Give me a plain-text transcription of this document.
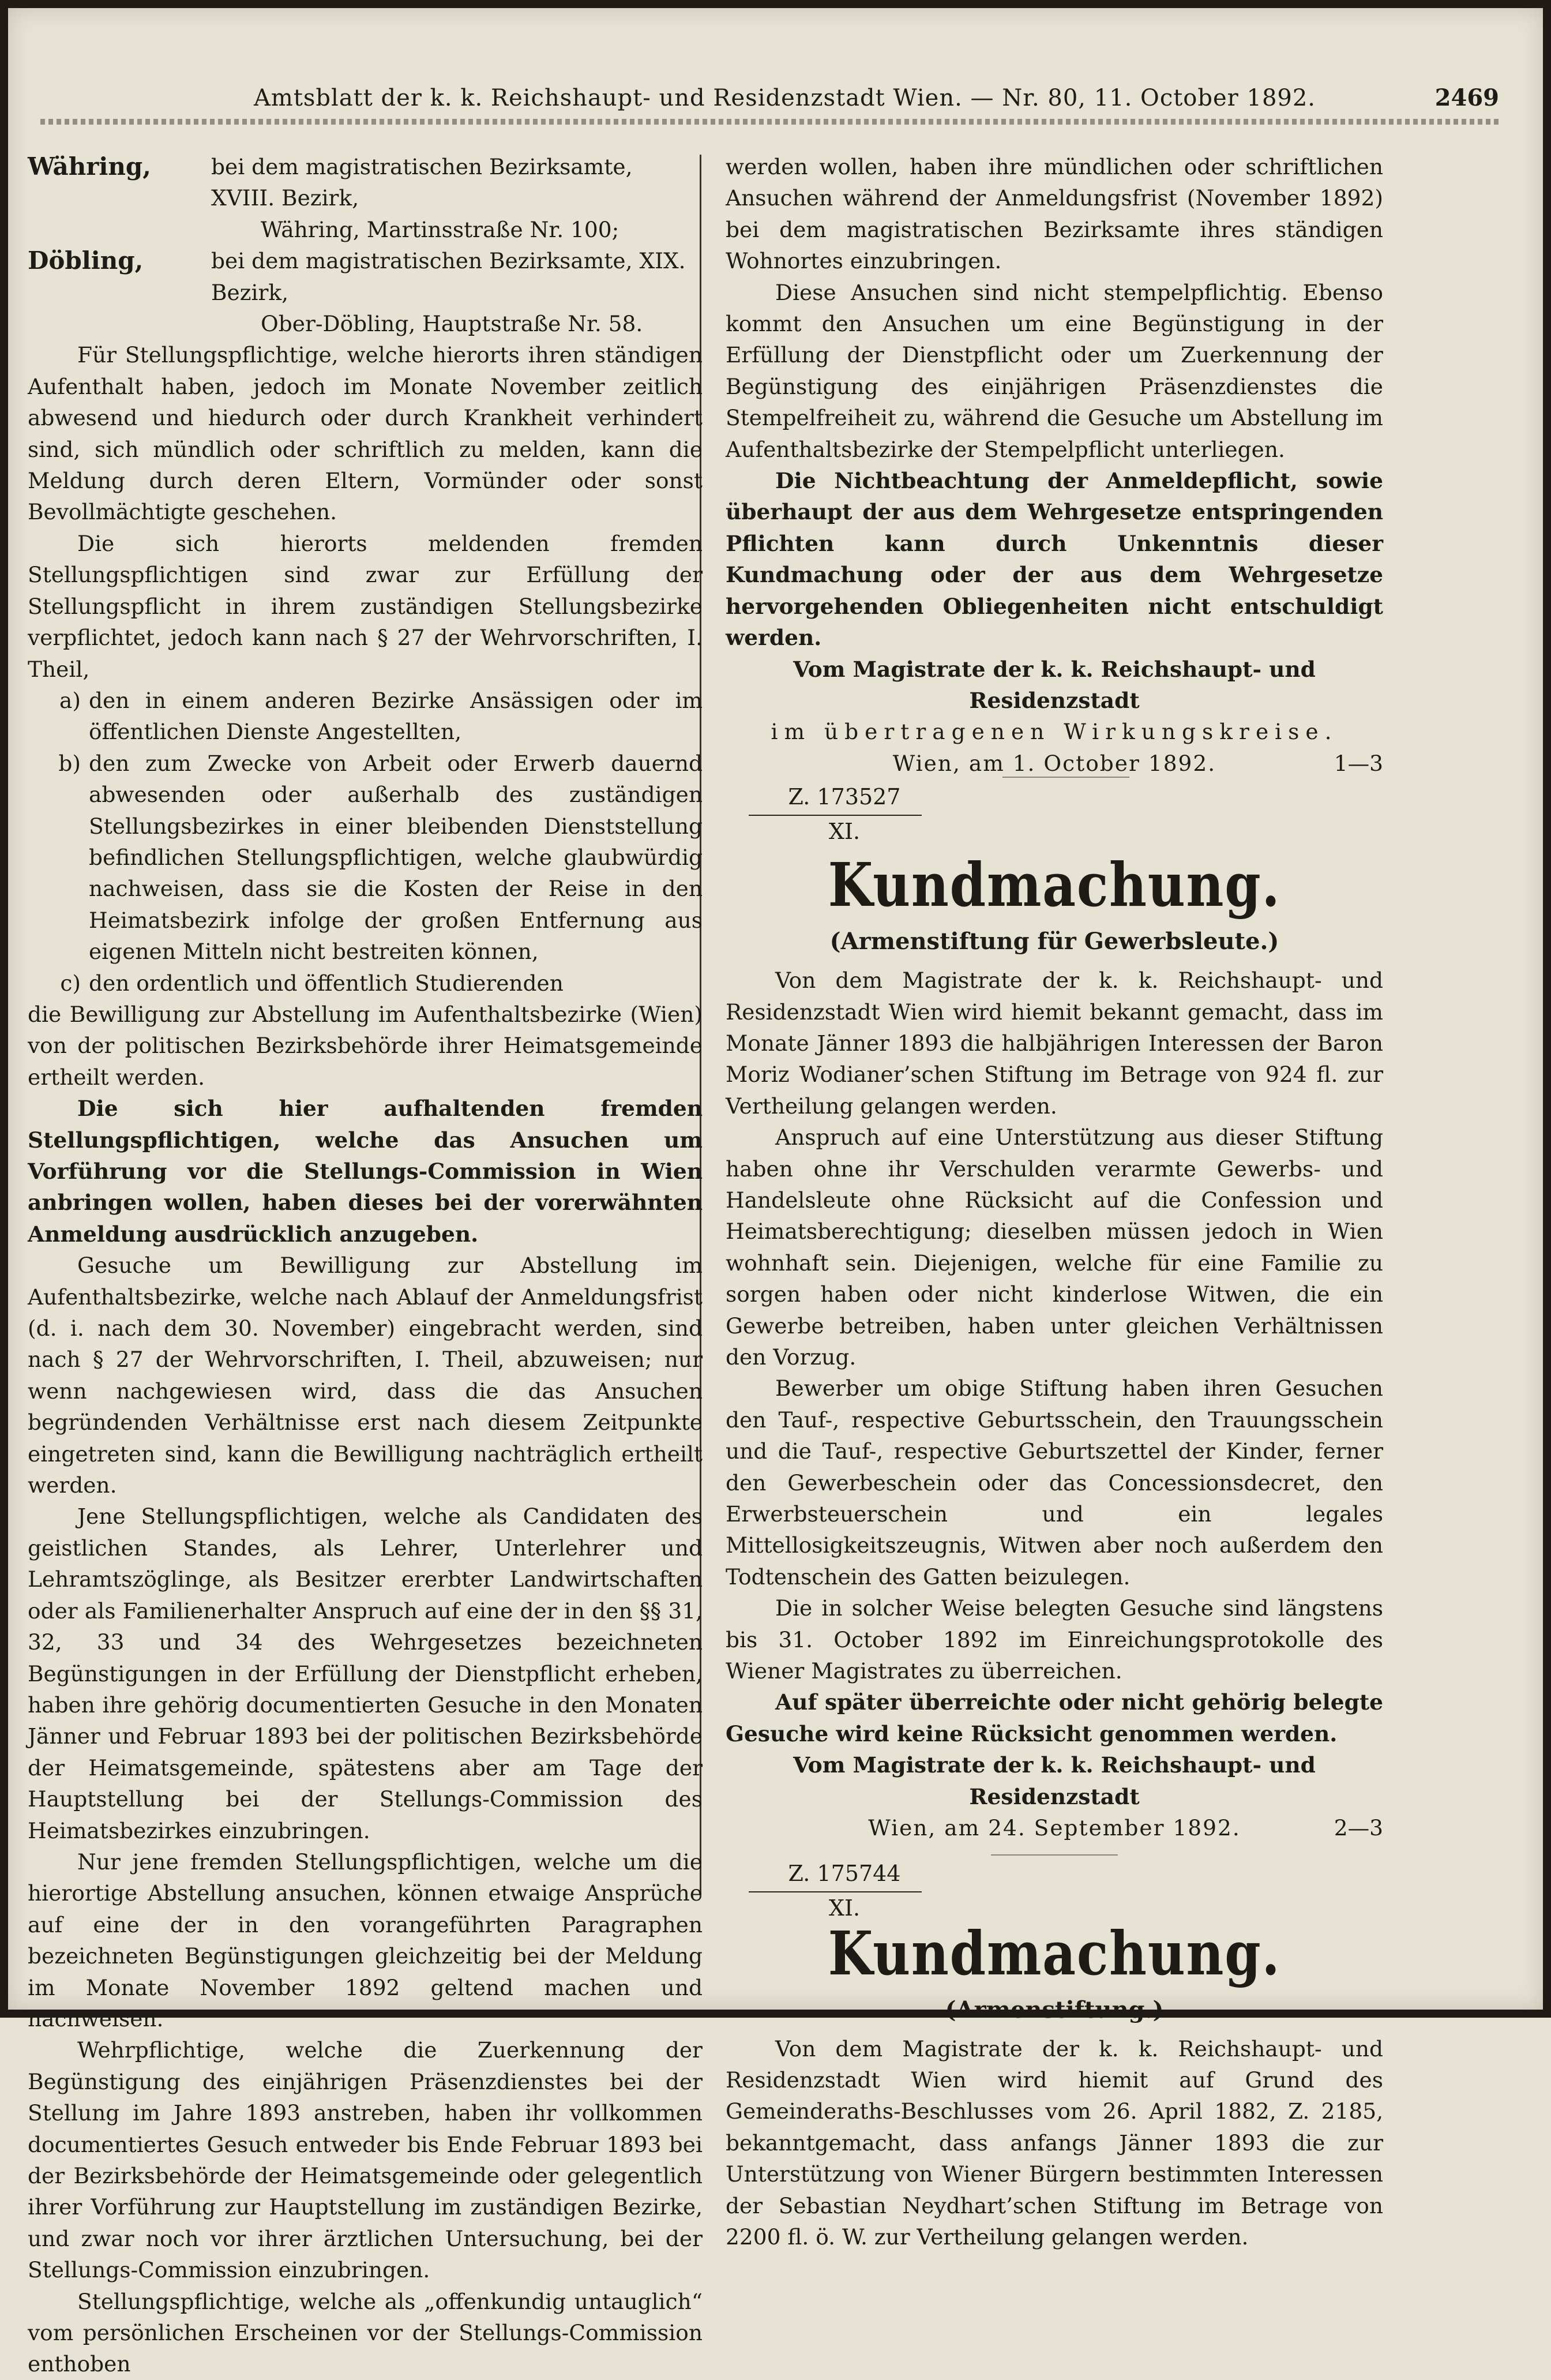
Amtsblatt der k. k. Reichshaupt- und Residenzstadt Wien. — Nr. 80, 11. October 1892.	2469
Währing,	bei dem magistratischen Bezirksamte, XVIII. Bezirk,

Währing, Martinsstraße Nr. 100;

Döbling,	bei dem magistratischen Bezirksamte, XIX. Bezirk,

Ober-Döbling, Hauptstraße Nr. 58.

Für Stellungspflichtige, welche hierorts ihren ständigen Aufenthalt haben, jedoch im Monate November zeitlich abwesend und hiedurch oder durch Krankheit verhindert sind, sich mündlich oder schriftlich zu melden, kann die Meldung durch deren Eltern, Vormünder oder sonst Bevollmächtigte geschehen.

Die sich hierorts meldenden fremden Stellungspflichtigen sind zwar zur Erfüllung der Stellungspflicht in ihrem zuständigen Stellungsbezirke verpflichtet, jedoch kann nach § 27 der Wehrvorschriften, I. Theil,

a) den in einem anderen Bezirke Ansässigen oder im öffentlichen Dienste Angestellten,
b) den zum Zwecke von Arbeit oder Erwerb dauernd abwesenden oder außerhalb des zuständigen Stellungsbezirkes in einer bleibenden Dienststellung befindlichen Stellungspflichtigen, welche glaubwürdig nachweisen, dass sie die Kosten der Reise in den Heimatsbezirk infolge der großen Entfernung aus eigenen Mitteln nicht bestreiten können,
c) den ordentlich und öffentlich Studierenden

die Bewilligung zur Abstellung im Aufenthaltsbezirke (Wien) von der politischen Bezirksbehörde ihrer Heimatsgemeinde ertheilt werden.

Die sich hier aufhaltenden fremden Stellungspflichtigen, welche das Ansuchen um Vorführung vor die Stellungs-Commission in Wien anbringen wollen, haben dieses bei der vorerwähnten Anmeldung ausdrücklich anzugeben.

Gesuche um Bewilligung zur Abstellung im Aufenthaltsbezirke, welche nach Ablauf der Anmeldungsfrist (d. i. nach dem 30. November) eingebracht werden, sind nach § 27 der Wehrvorschriften, I. Theil, abzuweisen; nur wenn nachgewiesen wird, dass die das Ansuchen begründenden Verhältnisse erst nach diesem Zeitpunkte eingetreten sind, kann die Bewilligung nachträglich ertheilt werden.

Jene Stellungspflichtigen, welche als Candidaten des geistlichen Standes, als Lehrer, Unterlehrer und Lehramtszöglinge, als Besitzer ererbter Landwirtschaften oder als Familienerhalter Anspruch auf eine der in den §§ 31, 32, 33 und 34 des Wehrgesetzes bezeichneten Begünstigungen in der Erfüllung der Dienstpflicht erheben, haben ihre gehörig documentierten Gesuche in den Monaten Jänner und Februar 1893 bei der politischen Bezirksbehörde der Heimatsgemeinde, spätestens aber am Tage der Hauptstellung bei der Stellungs-Commission des Heimatsbezirkes einzubringen.

Nur jene fremden Stellungspflichtigen, welche um die hierortige Abstellung ansuchen, können etwaige Ansprüche auf eine der in den vorangeführten Paragraphen bezeichneten Begünstigungen gleichzeitig bei der Meldung im Monate November 1892 geltend machen und nachweisen.

Wehrpflichtige, welche die Zuerkennung der Begünstigung des einjährigen Präsenzdienstes bei der Stellung im Jahre 1893 anstreben, haben ihr vollkommen documentiertes Gesuch entweder bis Ende Februar 1893 bei der Bezirksbehörde der Heimatsgemeinde oder gelegentlich ihrer Vorführung zur Hauptstellung im zuständigen Bezirke, und zwar noch vor ihrer ärztlichen Untersuchung, bei der Stellungs-Commission einzubringen.

Stellungspflichtige, welche als „offenkundig untauglich“ vom persönlichen Erscheinen vor der Stellungs-Commission enthoben

werden wollen, haben ihre mündlichen oder schriftlichen Ansuchen während der Anmeldungsfrist (November 1892) bei dem magistratischen Bezirksamte ihres ständigen Wohnortes einzubringen.

Diese Ansuchen sind nicht stempelpflichtig. Ebenso kommt den Ansuchen um eine Begünstigung in der Erfüllung der Dienstpflicht oder um Zuerkennung der Begünstigung des einjährigen Präsenzdienstes die Stempelfreiheit zu, während die Gesuche um Abstellung im Aufenthaltsbezirke der Stempelpflicht unterliegen.

Die Nichtbeachtung der Anmeldepflicht, sowie überhaupt der aus dem Wehrgesetze entspringenden Pflichten kann durch Unkenntnis dieser Kundmachung oder der aus dem Wehrgesetze hervorgehenden Obliegenheiten nicht entschuldigt werden.

Vom Magistrate der k. k. Reichshaupt- und Residenzstadt

im übertragenen Wirkungskreise.

Wien, am 1. October 1892.	1—3
Z. 173527
XI.
Kundmachung.
(Armenstiftung für Gewerbsleute.)

Von dem Magistrate der k. k. Reichshaupt- und Residenzstadt Wien wird hiemit bekannt gemacht, dass im Monate Jänner 1893 die halbjährigen Interessen der Baron Moriz Wodianer’schen Stiftung im Betrage von 924 fl. zur Vertheilung gelangen werden.

Anspruch auf eine Unterstützung aus dieser Stiftung haben ohne ihr Verschulden verarmte Gewerbs- und Handelsleute ohne Rücksicht auf die Confession und Heimatsberechtigung; dieselben müssen jedoch in Wien wohnhaft sein. Diejenigen, welche für eine Familie zu sorgen haben oder nicht kinderlose Witwen, die ein Gewerbe betreiben, haben unter gleichen Verhältnissen den Vorzug.

Bewerber um obige Stiftung haben ihren Gesuchen den Tauf-, respective Geburtsschein, den Trauungsschein und die Tauf-, respective Geburtszettel der Kinder, ferner den Gewerbeschein oder das Concessionsdecret, den Erwerbsteuerschein und ein legales Mittellosigkeitszeugnis, Witwen aber noch außerdem den Todtenschein des Gatten beizulegen.

Die in solcher Weise belegten Gesuche sind längstens bis 31. October 1892 im Einreichungsprotokolle des Wiener Magistrates zu überreichen.

Auf später überreichte oder nicht gehörig belegte Gesuche wird keine Rücksicht genommen werden.

Vom Magistrate der k. k. Reichshaupt- und Residenzstadt

Wien, am 24. September 1892.	2—3
Z. 175744
XI.
Kundmachung.
(Armenstiftung.)

Von dem Magistrate der k. k. Reichshaupt- und Residenzstadt Wien wird hiemit auf Grund des Gemeinderaths-Beschlusses vom 26. April 1882, Z. 2185, bekanntgemacht, dass anfangs Jänner 1893 die zur Unterstützung von Wiener Bürgern bestimmten Interessen der Sebastian Neydhart’schen Stiftung im Betrage von 2200 fl. ö. W. zur Vertheilung gelangen werden.
